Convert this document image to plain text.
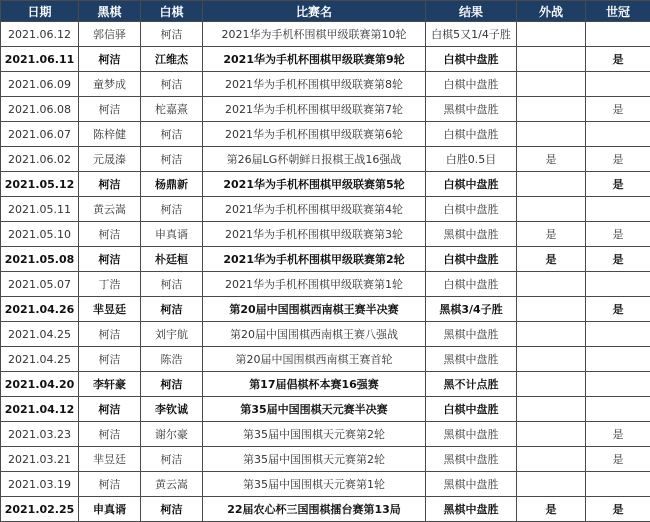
日期	黑棋	白棋	比赛名	结果	外战	世冠
2021.06.12	郭信驿	柯洁	2021华为手机杯围棋甲级联赛第10轮	白棋5又1/4子胜		
2021.06.11	柯洁	江维杰	2021华为手机杯围棋甲级联赛第9轮	白棋中盘胜		是
2021.06.09	童梦成	柯洁	2021华为手机杯围棋甲级联赛第8轮	白棋中盘胜		
2021.06.08	柯洁	柁嘉熹	2021华为手机杯围棋甲级联赛第7轮	黑棋中盘胜		是
2021.06.07	陈梓健	柯洁	2021华为手机杯围棋甲级联赛第6轮	白棋中盘胜		
2021.06.02	元晟溱	柯洁	第26届LG杯朝鲜日报棋王战16强战	白胜0.5目	是	是
2021.05.12	柯洁	杨鼎新	2021华为手机杯围棋甲级联赛第5轮	白棋中盘胜		是
2021.05.11	黄云嵩	柯洁	2021华为手机杯围棋甲级联赛第4轮	白棋中盘胜		
2021.05.10	柯洁	申真谞	2021华为手机杯围棋甲级联赛第3轮	黑棋中盘胜	是	是
2021.05.08	柯洁	朴廷桓	2021华为手机杯围棋甲级联赛第2轮	白棋中盘胜	是	是
2021.05.07	丁浩	柯洁	2021华为手机杯围棋甲级联赛第1轮	白棋中盘胜		
2021.04.26	芈昱廷	柯洁	第20届中国围棋西南棋王赛半决赛	黑棋3/4子胜		是
2021.04.25	柯洁	刘宇航	第20届中国围棋西南棋王赛八强战	黑棋中盘胜		
2021.04.25	柯洁	陈浩	第20届中国围棋西南棋王赛首轮	黑棋中盘胜		
2021.04.20	李轩豪	柯洁	第17届倡棋杯本赛16强赛	黑不计点胜		
2021.04.12	柯洁	李钦诚	第35届中国围棋天元赛半决赛	白棋中盘胜		
2021.03.23	柯洁	谢尔豪	第35届中国围棋天元赛第2轮	黑棋中盘胜		是
2021.03.21	芈昱廷	柯洁	第35届中国围棋天元赛第2轮	黑棋中盘胜		是
2021.03.19	柯洁	黄云嵩	第35届中国围棋天元赛第1轮	黑棋中盘胜		
2021.02.25	申真谞	柯洁	22届农心杯三国围棋擂台赛第13局	黑棋中盘胜	是	是
